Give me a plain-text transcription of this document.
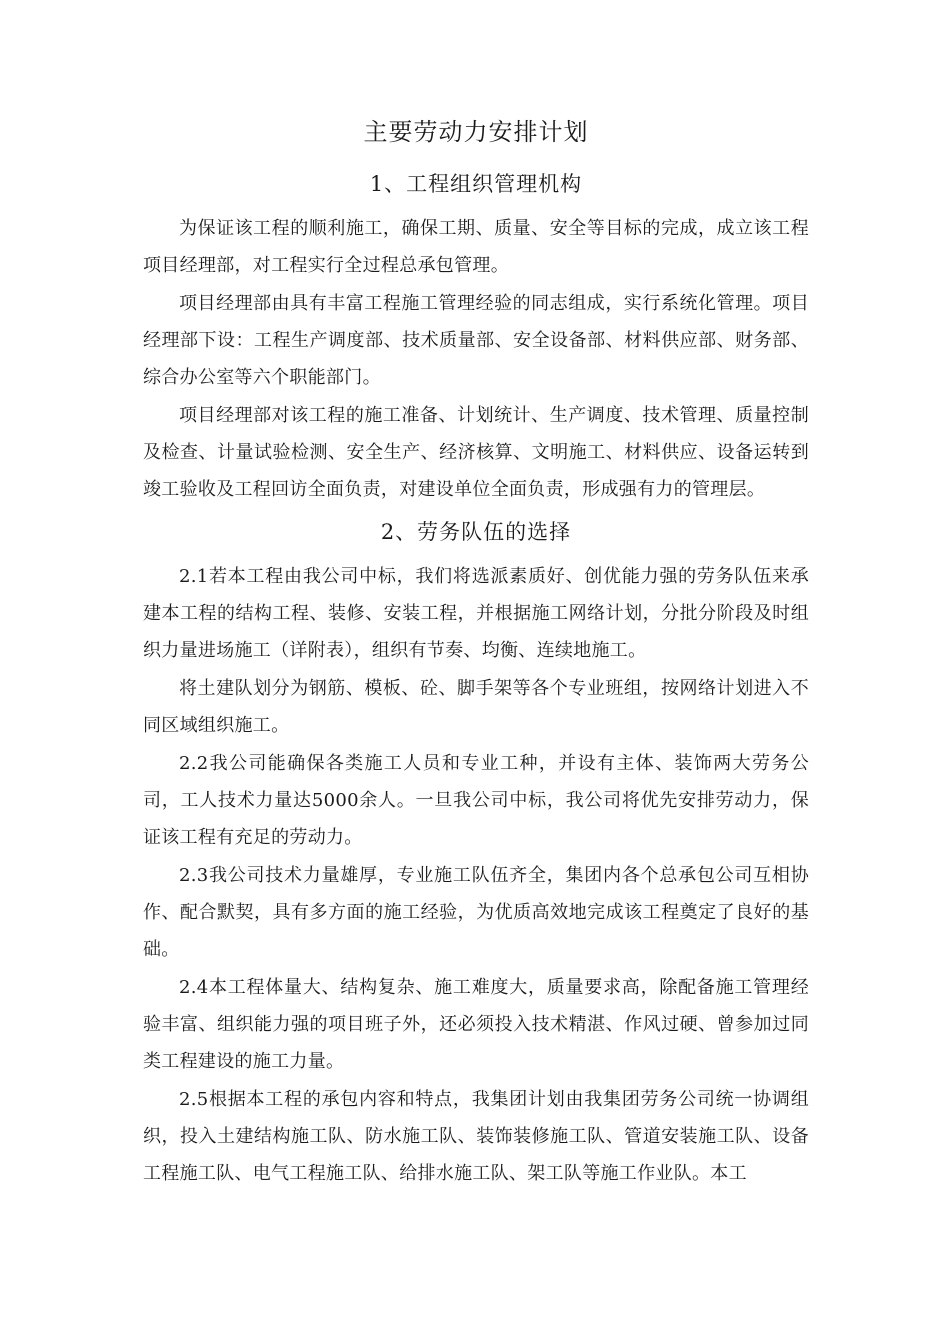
主要劳动力安排计划
1、工程组织管理机构

为保证该工程的顺利施工，确保工期、质量、安全等目标的完成，成立该工程项目经理部，对工程实行全过程总承包管理。

项目经理部由具有丰富工程施工管理经验的同志组成，实行系统化管理。项目经理部下设：工程生产调度部、技术质量部、安全设备部、材料供应部、财务部、综合办公室等六个职能部门。

项目经理部对该工程的施工准备、计划统计、生产调度、技术管理、质量控制及检查、计量试验检测、安全生产、经济核算、文明施工、材料供应、设备运转到竣工验收及工程回访全面负责，对建设单位全面负责，形成强有力的管理层。

2、劳务队伍的选择

2.1若本工程由我公司中标，我们将选派素质好、创优能力强的劳务队伍来承建本工程的结构工程、装修、安装工程，并根据施工网络计划，分批分阶段及时组织力量进场施工（详附表），组织有节奏、均衡、连续地施工。

将土建队划分为钢筋、模板、砼、脚手架等各个专业班组，按网络计划进入不同区域组织施工。

2.2我公司能确保各类施工人员和专业工种，并设有主体、装饰两大劳务公司，工人技术力量达5000余人。一旦我公司中标，我公司将优先安排劳动力，保证该工程有充足的劳动力。

2.3我公司技术力量雄厚，专业施工队伍齐全，集团内各个总承包公司互相协作、配合默契，具有多方面的施工经验，为优质高效地完成该工程奠定了良好的基础。

2.4本工程体量大、结构复杂、施工难度大，质量要求高，除配备施工管理经验丰富、组织能力强的项目班子外，还必须投入技术精湛、作风过硬、曾参加过同类工程建设的施工力量。

2.5根据本工程的承包内容和特点，我集团计划由我集团劳务公司统一协调组织，投入土建结构施工队、防水施工队、装饰装修施工队、管道安装施工队、设备工程施工队、电气工程施工队、给排水施工队、架工队等施工作业队。本工
